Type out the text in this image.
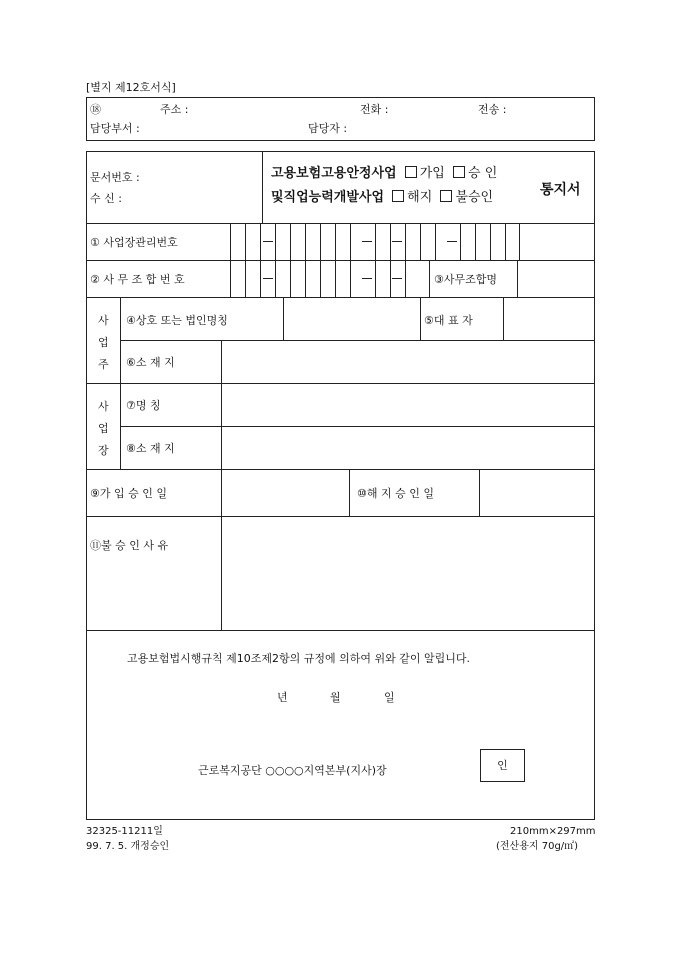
[별지 제12호서식]
⑱	주소 :	전화 :	전송 :
담당부서 :	담당자 :
문서번호 :
수 신 :
고용보험고용안정사업 가입 승 인
및직업능력개발사업 해지 불승인	통지서
① 사업장관리번호
② 사 무 조 합 번 호	③사무조합명
사
업
주
④상호 또는 법인명칭	⑤대 표 자
⑥소 재 지
사
업
장
⑦명 칭
⑧소 재 지
⑨가 입 승 인 일	⑩해 지 승 인 일
⑪불 승 인 사 유
고용보험법시행규칙 제10조제2항의 규정에 의하여 위와 같이 알립니다.
년	월	일
근로복지공단 ○○○○지역본부(지사)장	인
32325-11211일
99. 7. 5. 개정승인
210mm×297mm
(전산용지 70g/㎡)
